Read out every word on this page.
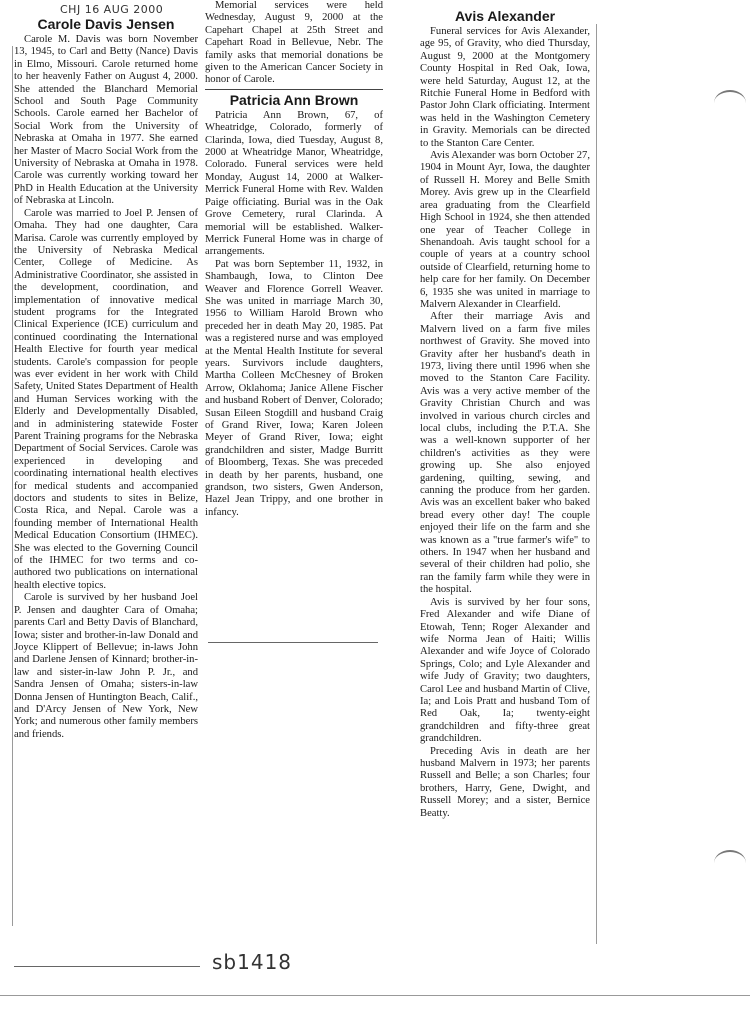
CHJ 16 AUG 2000
Carole Davis Jensen

Carole M. Davis was born November 13, 1945, to Carl and Betty (Nance) Davis in Elmo, Missouri. Carole returned home to her heavenly Father on August 4, 2000. She attended the Blanchard Memorial School and South Page Community Schools. Carole earned her Bachelor of Social Work from the University of Nebraska at Omaha in 1977. She earned her Master of Macro Social Work from the University of Nebraska at Omaha in 1978. Carole was currently working toward her PhD in Health Education at the University of Nebraska at Lincoln.

Carole was married to Joel P. Jensen of Omaha. They had one daughter, Cara Marisa. Carole was currently employed by the University of Nebraska Medical Center, College of Medicine. As Administrative Coordinator, she assisted in the development, coordination, and implementation of innovative medical student programs for the Integrated Clinical Experience (ICE) curriculum and continued coordinating the International Health Elective for fourth year medical students. Carole's compassion for people was ever evident in her work with Child Safety, United States Department of Health and Human Services working with the Elderly and Developmentally Disabled, and in administering statewide Foster Parent Training programs for the Nebraska Department of Social Services. Carole was experienced in developing and coordinating international health electives for medical students and accompanied doctors and students to sites in Belize, Costa Rica, and Nepal. Carole was a founding member of International Health Medical Education Consortium (IHMEC). She was elected to the Governing Council of the IHMEC for two terms and co-authored two publications on international health elective topics.

Carole is survived by her husband Joel P. Jensen and daughter Cara of Omaha; parents Carl and Betty Davis of Blanchard, Iowa; sister and brother-in-law Donald and Joyce Klippert of Bellevue; in-laws John and Darlene Jensen of Kinnard; brother-in-law and sister-in-law John P. Jr., and Sandra Jensen of Omaha; sisters-in-law Donna Jensen of Huntington Beach, Calif., and D'Arcy Jensen of New York, New York; and numerous other family members and friends.

Memorial services were held Wednesday, August 9, 2000 at the Capehart Chapel at 25th Street and Capehart Road in Bellevue, Nebr. The family asks that memorial donations be given to the American Cancer Society in honor of Carole.

Patricia Ann Brown

Patricia Ann Brown, 67, of Wheatridge, Colorado, formerly of Clarinda, Iowa, died Tuesday, August 8, 2000 at Wheatridge Manor, Wheatridge, Colorado. Funeral services were held Monday, August 14, 2000 at Walker-Merrick Funeral Home with Rev. Walden Paige officiating. Burial was in the Oak Grove Cemetery, rural Clarinda. A memorial will be established. Walker-Merrick Funeral Home was in charge of arrangements.

Pat was born September 11, 1932, in Shambaugh, Iowa, to Clinton Dee Weaver and Florence Gorrell Weaver. She was united in marriage March 30, 1956 to William Harold Brown who preceded her in death May 20, 1985. Pat was a registered nurse and was employed at the Mental Health Institute for several years. Survivors include daughters, Martha Colleen McChesney of Broken Arrow, Oklahoma; Janice Allene Fischer and husband Robert of Denver, Colorado; Susan Eileen Stogdill and husband Craig of Grand River, Iowa; Karen Joleen Meyer of Grand River, Iowa; eight grandchildren and sister, Madge Burritt of Bloomberg, Texas. She was preceded in death by her parents, husband, one grandson, two sisters, Gwen Anderson, Hazel Jean Trippy, and one brother in infancy.

Avis Alexander

Funeral services for Avis Alexander, age 95, of Gravity, who died Thursday, August 9, 2000 at the Montgomery County Hospital in Red Oak, Iowa, were held Saturday, August 12, at the Ritchie Funeral Home in Bedford with Pastor John Clark officiating. Interment was held in the Washington Cemetery in Gravity. Memorials can be directed to the Stanton Care Center.

Avis Alexander was born October 27, 1904 in Mount Ayr, Iowa, the daughter of Russell H. Morey and Belle Smith Morey. Avis grew up in the Clearfield area graduating from the Clearfield High School in 1924, she then attended one year of Teacher College in Shenandoah. Avis taught school for a couple of years at a country school outside of Clearfield, returning home to help care for her family. On December 6, 1935 she was united in marriage to Malvern Alexander in Clearfield.

After their marriage Avis and Malvern lived on a farm five miles northwest of Gravity. She moved into Gravity after her husband's death in 1973, living there until 1996 when she moved to the Stanton Care Facility. Avis was a very active member of the Gravity Christian Church and was involved in various church circles and local clubs, including the P.T.A. She was a well-known supporter of her children's activities as they were growing up. She also enjoyed gardening, quilting, sewing, and canning the produce from her garden. Avis was an excellent baker who baked bread every other day! The couple enjoyed their life on the farm and she was known as a "true farmer's wife" to others. In 1947 when her husband and several of their children had polio, she ran the family farm while they were in the hospital.

Avis is survived by her four sons, Fred Alexander and wife Diane of Etowah, Tenn; Roger Alexander and wife Norma Jean of Haiti; Willis Alexander and wife Joyce of Colorado Springs, Colo; and Lyle Alexander and wife Judy of Gravity; two daughters, Carol Lee and husband Martin of Clive, Ia; and Lois Pratt and husband Tom of Red Oak, Ia; twenty-eight grandchildren and fifty-three great grandchildren.

Preceding Avis in death are her husband Malvern in 1973; her parents Russell and Belle; a son Charles; four brothers, Harry, Gene, Dwight, and Russell Morey; and a sister, Bernice Beatty.

sb1418
